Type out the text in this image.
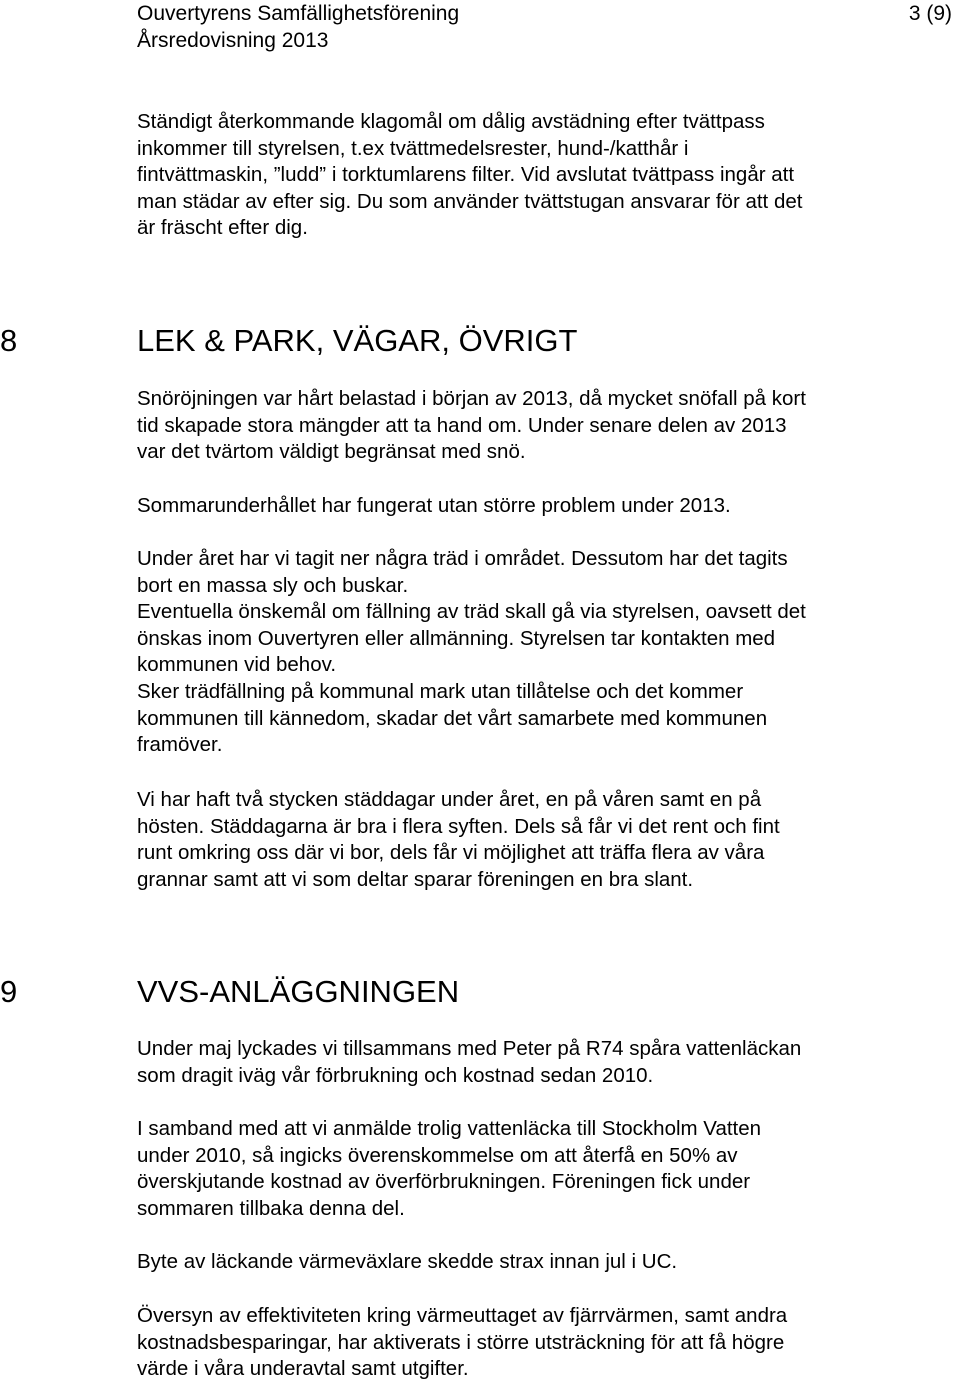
Ouvertyrens Samfällighetsförening
Årsredovisning 2013
3 (9)
Ständigt återkommande klagomål om dålig avstädning efter tvättpass
inkommer till styrelsen, t.ex tvättmedelsrester, hund-/katthår i
fintvättmaskin, ”ludd” i torktumlarens filter. Vid avslutat tvättpass ingår att
man städar av efter sig. Du som använder tvättstugan ansvarar för att det
är fräscht efter dig.
8	LEK & PARK, VÄGAR, ÖVRIGT
Snöröjningen var hårt belastad i början av 2013, då mycket snöfall på kort
tid skapade stora mängder att ta hand om. Under senare delen av 2013
var det tvärtom väldigt begränsat med snö.
Sommarunderhållet har fungerat utan större problem under 2013.
Under året har vi tagit ner några träd i området. Dessutom har det tagits
bort en massa sly och buskar.
Eventuella önskemål om fällning av träd skall gå via styrelsen, oavsett det
önskas inom Ouvertyren eller allmänning. Styrelsen tar kontakten med
kommunen vid behov.
Sker trädfällning på kommunal mark utan tillåtelse och det kommer
kommunen till kännedom, skadar det vårt samarbete med kommunen
framöver.
Vi har haft två stycken städdagar under året, en på våren samt en på
hösten. Städdagarna är bra i flera syften. Dels så får vi det rent och fint
runt omkring oss där vi bor, dels får vi möjlighet att träffa flera av våra
grannar samt att vi som deltar sparar föreningen en bra slant.
9	VVS-ANLÄGGNINGEN
Under maj lyckades vi tillsammans med Peter på R74 spåra vattenläckan
som dragit iväg vår förbrukning och kostnad sedan 2010.
I samband med att vi anmälde trolig vattenläcka till Stockholm Vatten
under 2010, så ingicks överenskommelse om att återfå en 50% av
överskjutande kostnad av överförbrukningen. Föreningen fick under
sommaren tillbaka denna del.
Byte av läckande värmeväxlare skedde strax innan jul i UC.
Översyn av effektiviteten kring värmeuttaget av fjärrvärmen, samt andra
kostnadsbesparingar, har aktiverats i större utsträckning för att få högre
värde i våra underavtal samt utgifter.
